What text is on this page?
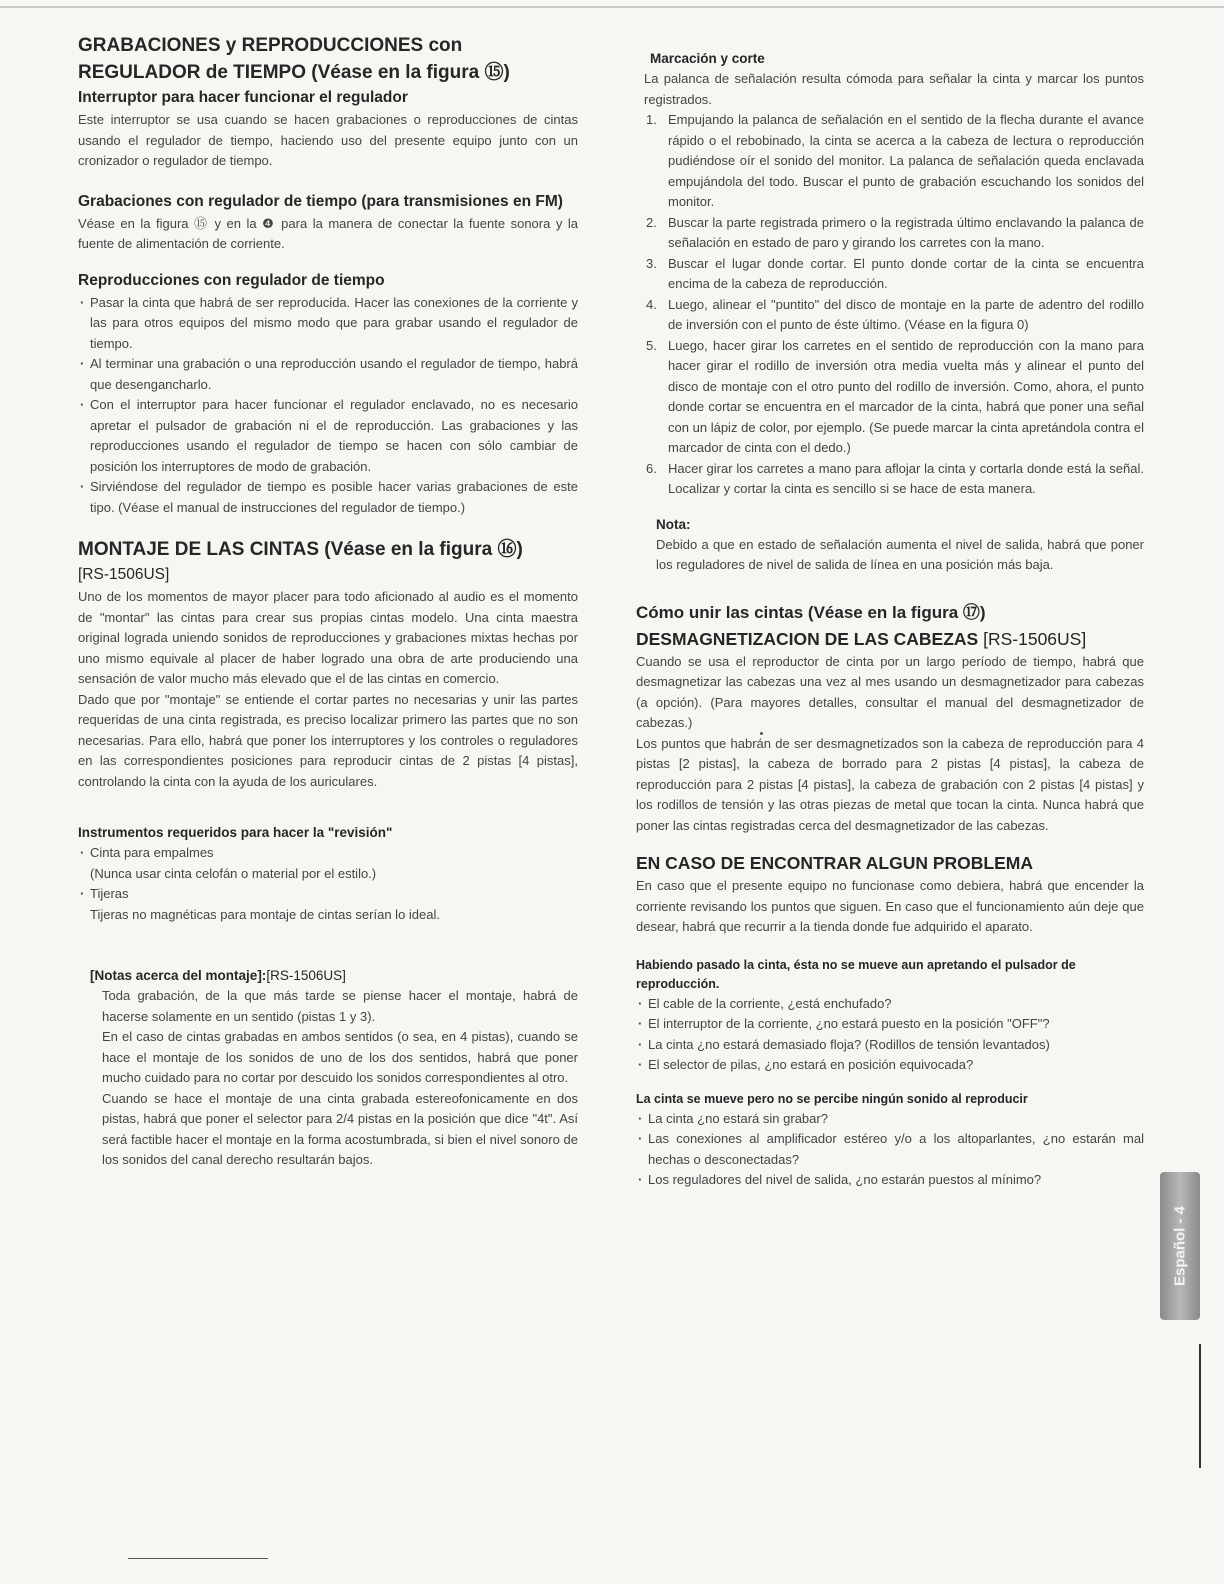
GRABACIONES y REPRODUCCIONES con
REGULADOR de TIEMPO (Véase en la figura ⑮)
Interruptor para hacer funcionar el regulador

Este interruptor se usa cuando se hacen grabaciones o reproducciones de cintas usando el regulador de tiempo, haciendo uso del presente equipo junto con un cronizador o regulador de tiempo.

Grabaciones con regulador de tiempo (para transmisiones en FM)

Véase en la figura ⑮ y en la ❹ para la manera de conectar la fuente sonora y la fuente de alimentación de corriente.

Reproducciones con regulador de tiempo
· Pasar la cinta que habrá de ser reproducida. Hacer las conexiones de la corriente y las para otros equipos del mismo modo que para grabar usando el regulador de tiempo.
· Al terminar una grabación o una reproducción usando el regulador de tiempo, habrá que desengancharlo.
· Con el interruptor para hacer funcionar el regulador enclavado, no es necesario apretar el pulsador de grabación ni el de reproducción. Las grabaciones y las reproducciones usando el regulador de tiempo se hacen con sólo cambiar de posición los interruptores de modo de grabación.
· Sirviéndose del regulador de tiempo es posible hacer varias grabaciones de este tipo. (Véase el manual de instrucciones del regulador de tiempo.)
MONTAJE DE LAS CINTAS (Véase en la figura ⑯)
[RS-1506US]

Uno de los momentos de mayor placer para todo aficionado al audio es el momento de "montar" las cintas para crear sus propias cintas modelo. Una cinta maestra original lograda uniendo sonidos de reproducciones y grabaciones mixtas hechas por uno mismo equivale al placer de haber logrado una obra de arte produciendo una sensación de valor mucho más elevado que el de las cintas en comercio.

Dado que por "montaje" se entiende el cortar partes no necesarias y unir las partes requeridas de una cinta registrada, es preciso localizar primero las partes que no son necesarias. Para ello, habrá que poner los interruptores y los controles o reguladores en las correspondientes posiciones para reproducir cintas de 2 pistas [4 pistas], controlando la cinta con la ayuda de los auriculares.

Instrumentos requeridos para hacer la "revisión"
· Cinta para empalmes
(Nunca usar cinta celofán o material por el estilo.)
· Tijeras
Tijeras no magnéticas para montaje de cintas serían lo ideal.
[Notas acerca del montaje]:[RS-1506US]

Toda grabación, de la que más tarde se piense hacer el montaje, habrá de hacerse solamente en un sentido (pistas 1 y 3).

En el caso de cintas grabadas en ambos sentidos (o sea, en 4 pistas), cuando se hace el montaje de los sonidos de uno de los dos sentidos, habrá que poner mucho cuidado para no cortar por descuido los sonidos correspondientes al otro.

Cuando se hace el montaje de una cinta grabada estereofonicamente en dos pistas, habrá que poner el selector para 2/4 pistas en la posición que dice "4t". Así será factible hacer el montaje en la forma acostumbrada, si bien el nivel sonoro de los sonidos del canal derecho resultarán bajos.

Marcación y corte

La palanca de señalación resulta cómoda para señalar la cinta y marcar los puntos registrados.

1. Empujando la palanca de señalación en el sentido de la flecha durante el avance rápido o el rebobinado, la cinta se acerca a la cabeza de lectura o reproducción pudiéndose oír el sonido del monitor. La palanca de señalación queda enclavada empujándola del todo. Buscar el punto de grabación escuchando los sonidos del monitor.
2. Buscar la parte registrada primero o la registrada último enclavando la palanca de señalación en estado de paro y girando los carretes con la mano.
3. Buscar el lugar donde cortar. El punto donde cortar de la cinta se encuentra encima de la cabeza de reproducción.
4. Luego, alinear el "puntito" del disco de montaje en la parte de adentro del rodillo de inversión con el punto de éste último. (Véase en la figura 0)
5. Luego, hacer girar los carretes en el sentido de reproducción con la mano para hacer girar el rodillo de inversión otra media vuelta más y alinear el punto del disco de montaje con el otro punto del rodillo de inversión. Como, ahora, el punto donde cortar se encuentra en el marcador de la cinta, habrá que poner una señal con un lápiz de color, por ejemplo. (Se puede marcar la cinta apretándola contra el marcador de cinta con el dedo.)
6. Hacer girar los carretes a mano para aflojar la cinta y cortarla donde está la señal. Localizar y cortar la cinta es sencillo si se hace de esta manera.
Nota:

Debido a que en estado de señalación aumenta el nivel de salida, habrá que poner los reguladores de nivel de salida de línea en una posición más baja.

Cómo unir las cintas (Véase en la figura ⑰)
DESMAGNETIZACION DE LAS CABEZAS [RS-1506US]

Cuando se usa el reproductor de cinta por un largo período de tiempo, habrá que desmagnetizar las cabezas una vez al mes usando un desmagnetizador para cabezas (a opción). (Para mayores detalles, consultar el manual del desmagnetizador de cabezas.)

Los puntos que habrán de ser desmagnetizados son la cabeza de reproducción para 4 pistas [2 pistas], la cabeza de borrado para 2 pistas [4 pistas], la cabeza de reproducción para 2 pistas [4 pistas], la cabeza de grabación con 2 pistas [4 pistas] y los rodillos de tensión y las otras piezas de metal que tocan la cinta. Nunca habrá que poner las cintas registradas cerca del desmagnetizador de las cabezas.

EN CASO DE ENCONTRAR ALGUN PROBLEMA

En caso que el presente equipo no funcionase como debiera, habrá que encender la corriente revisando los puntos que siguen. En caso que el funcionamiento aún deje que desear, habrá que recurrir a la tienda donde fue adquirido el aparato.

Habiendo pasado la cinta, ésta no se mueve aun apretando el pulsador de reproducción.
· El cable de la corriente, ¿está enchufado?
· El interruptor de la corriente, ¿no estará puesto en la posición "OFF"?
· La cinta ¿no estará demasiado floja? (Rodillos de tensión levantados)
· El selector de pilas, ¿no estará en posición equivocada?
La cinta se mueve pero no se percibe ningún sonido al reproducir
· La cinta ¿no estará sin grabar?
· Las conexiones al amplificador estéreo y/o a los altoparlantes, ¿no estarán mal hechas o desconectadas?
· Los reguladores del nivel de salida, ¿no estarán puestos al mínimo?
Español - 4
